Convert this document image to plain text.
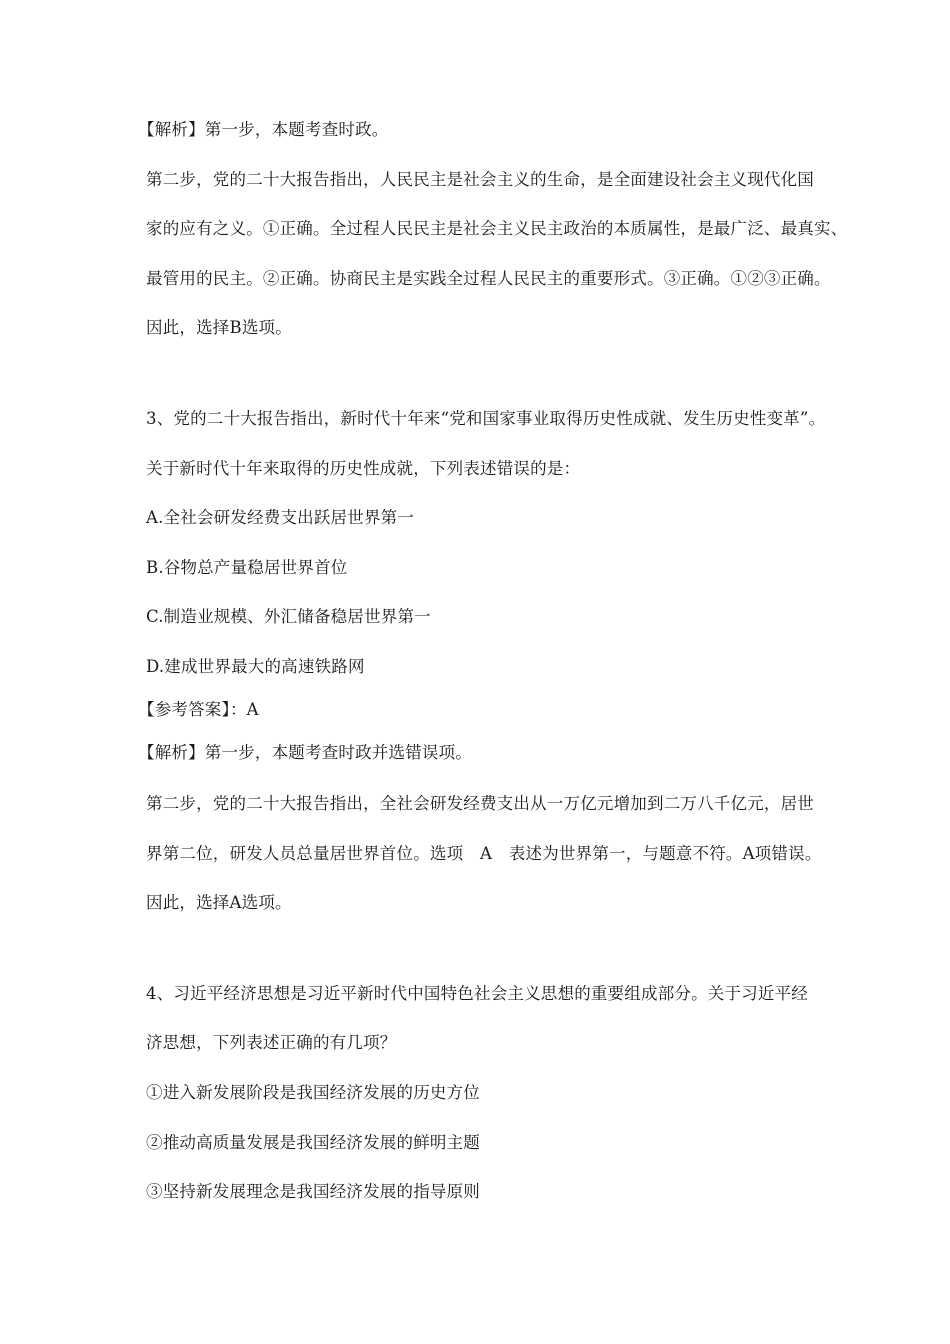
【解析】第一步，本题考查时政。
第二步，党的二十大报告指出，人民民主是社会主义的生命，是全面建设社会主义现代化国
家的应有之义。①正确。全过程人民民主是社会主义民主政治的本质属性，是最广泛、最真实、
最管用的民主。②正确。协商民主是实践全过程人民民主的重要形式。③正确。①②③正确。
因此，选择B选项。
3、党的二十大报告指出，新时代十年来“党和国家事业取得历史性成就、发生历史性变革”。
关于新时代十年来取得的历史性成就，下列表述错误的是：
A.全社会研发经费支出跃居世界第一
B.谷物总产量稳居世界首位
C.制造业规模、外汇储备稳居世界第一
D.建成世界最大的高速铁路网
【参考答案】：A
【解析】第一步，本题考查时政并选错误项。
第二步，党的二十大报告指出，全社会研发经费支出从一万亿元增加到二万八千亿元，居世
界第二位，研发人员总量居世界首位。选项　A　表述为世界第一，与题意不符。A项错误。
因此，选择A选项。
4、习近平经济思想是习近平新时代中国特色社会主义思想的重要组成部分。关于习近平经
济思想，下列表述正确的有几项？
①进入新发展阶段是我国经济发展的历史方位
②推动高质量发展是我国经济发展的鲜明主题
③坚持新发展理念是我国经济发展的指导原则
